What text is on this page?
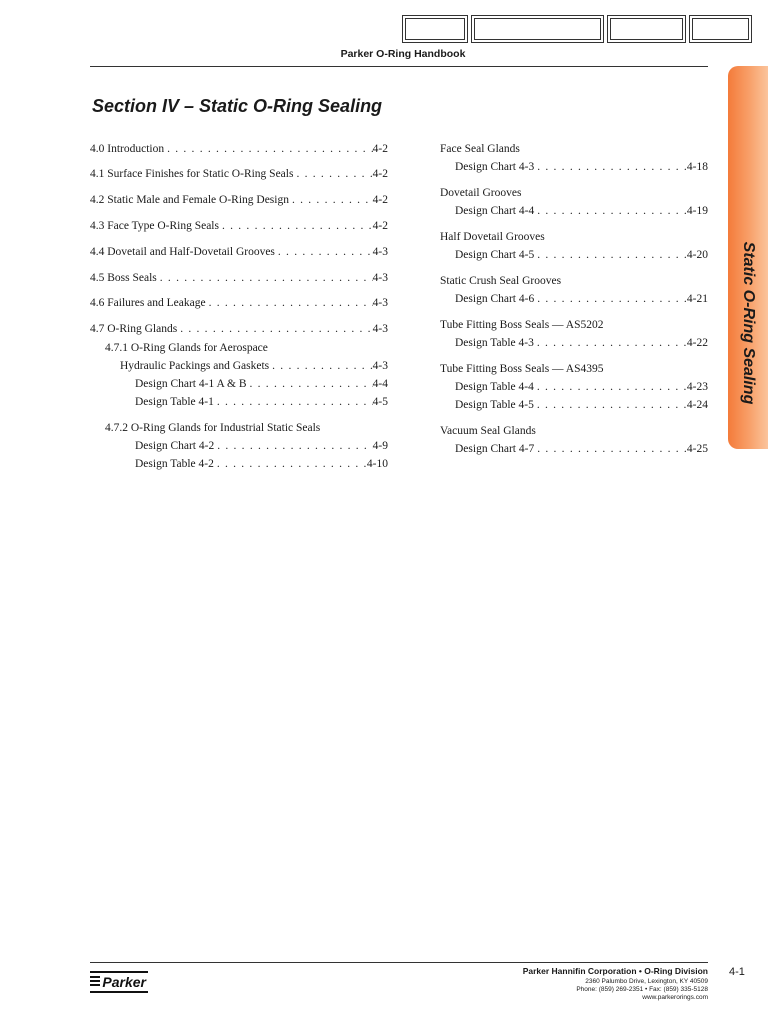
Parker O-Ring Handbook
Static O-Ring Sealing
Section IV – Static O-Ring Sealing
4.0 Introduction . . .	4-2
4.1 Surface Finishes for Static O-Ring Seals . . .	4-2
4.2 Static Male and Female O-Ring Design . . .	4-2
4.3 Face Type O-Ring Seals . . .	4-2
4.4 Dovetail and Half-Dovetail Grooves . . .	4-3
4.5 Boss Seals . . .	4-3
4.6 Failures and Leakage . . .	4-3
4.7 O-Ring Glands . . .	4-3
4.7.1 O-Ring Glands for Aerospace
Hydraulic Packings and Gaskets . . .	4-3
Design Chart 4-1 A & B . . .	4-4
Design Table 4-1 . . .	4-5
4.7.2 O-Ring Glands for Industrial Static Seals
Design Chart 4-2 . . .	4-9
Design Table 4-2 . . .	4-10
Face Seal Glands
Design Chart 4-3 . . .	4-18
Dovetail Grooves
Design Chart 4-4 . . .	4-19
Half Dovetail Grooves
Design Chart 4-5 . . .	4-20
Static Crush Seal Grooves
Design Chart 4-6 . . .	4-21
Tube Fitting Boss Seals — AS5202
Design Table 4-3 . . .	4-22
Tube Fitting Boss Seals — AS4395
Design Table 4-4 . . .	4-23
Design Table 4-5 . . .	4-24
Vacuum Seal Glands
Design Chart 4-7 . . .	4-25
Parker
Parker Hannifin Corporation • O-Ring Division
2360 Palumbo Drive, Lexington, KY 40509
Phone: (859) 269-2351 • Fax: (859) 335-5128
www.parkerorings.com
4-1
